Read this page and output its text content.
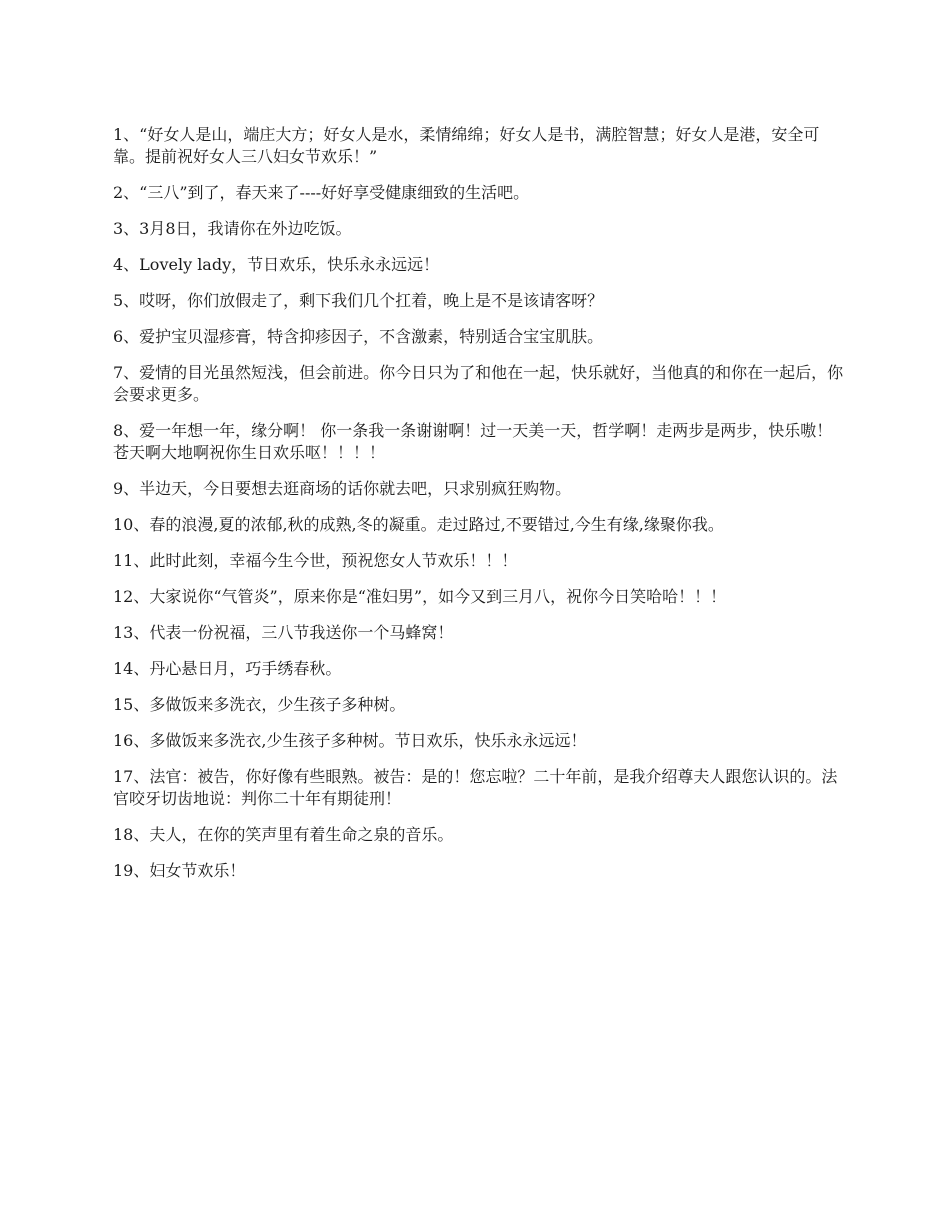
1、“好女人是山，端庄大方；好女人是水，柔情绵绵；好女人是书，满腔智慧；好女人是港，安全可靠。提前祝好女人三八妇女节欢乐！”

2、“三八”到了，春天来了----好好享受健康细致的生活吧。

3、3月8日，我请你在外边吃饭。

4、Lovely lady，节日欢乐，快乐永永远远！

5、哎呀，你们放假走了，剩下我们几个扛着，晚上是不是该请客呀？

6、爱护宝贝湿疹膏，特含抑疹因子，不含激素，特别适合宝宝肌肤。

7、爱情的目光虽然短浅，但会前进。你今日只为了和他在一起，快乐就好，当他真的和你在一起后，你会要求更多。

8、爱一年想一年，缘分啊！ 你一条我一条谢谢啊！过一天美一天，哲学啊！走两步是两步，快乐嗷！苍天啊大地啊祝你生日欢乐呕！！！！

9、半边天，今日要想去逛商场的话你就去吧，只求别疯狂购物。

10、春的浪漫,夏的浓郁,秋的成熟,冬的凝重。走过路过,不要错过,今生有缘,缘聚你我。

11、此时此刻，幸福今生今世，预祝您女人节欢乐！！！

12、大家说你“气管炎”，原来你是“准妇男”，如今又到三月八，祝你今日笑哈哈！！！

13、代表一份祝福，三八节我送你一个马蜂窝！

14、丹心悬日月，巧手绣春秋。

15、多做饭来多洗衣，少生孩子多种树。

16、多做饭来多洗衣,少生孩子多种树。节日欢乐，快乐永永远远！

17、法官：被告，你好像有些眼熟。被告：是的！您忘啦？二十年前，是我介绍尊夫人跟您认识的。法官咬牙切齿地说：判你二十年有期徒刑！

18、夫人，在你的笑声里有着生命之泉的音乐。

19、妇女节欢乐！
